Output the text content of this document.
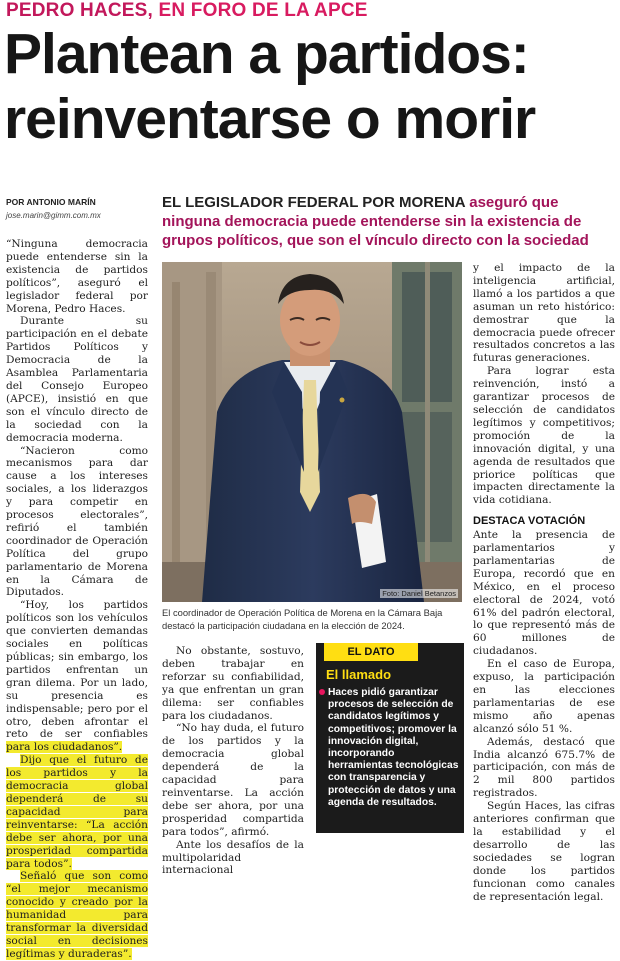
PEDRO HACES, EN FORO DE LA APCE
Plantean a partidos:
reinventarse o morir
POR ANTONIO MARÍN
jose.marin@gimm.com.mx
EL LEGISLADOR FEDERAL POR MORENA aseguró que ninguna democracia puede entenderse sin la existencia de grupos políticos, que son el vínculo directo con la sociedad

“Ninguna democracia puede entenderse sin la existencia de partidos políticos”, aseguró el legislador federal por Morena, Pedro Haces.

Durante su participación en el debate Partidos Políticos y Democracia de la Asamblea Parlamentaria del Consejo Europeo (APCE), insistió en que son el vínculo directo de la sociedad con la democracia moderna.

“Nacieron como mecanismos para dar cause a los intereses sociales, a los liderazgos y para competir en procesos electorales”, refirió el también coordinador de Operación Política del grupo parlamentario de Morena en la Cámara de Diputados.

“Hoy, los partidos políticos son los vehículos que convierten demandas sociales en políticas públicas; sin embargo, los partidos enfrentan un gran dilema. Por un lado, su presencia es indispensable; pero por el otro, deben afrontar el reto de ser confiables para los ciudadanos”.

Dijo que el futuro de los partidos y la democracia global dependerá de su capacidad para reinventarse: “La acción debe ser ahora, por una prosperidad compartida para todos”.

Señaló que son como “el mejor mecanismo conocido y creado por la humanidad para transformar la diversidad social en decisiones legítimas y duraderas”.

Foto: Daniel Betanzos
El coordinador de Operación Política de Morena en la Cámara Baja destacó la participación ciudadana en la elección de 2024.

No obstante, sostuvo, deben trabajar en reforzar su confiabilidad, ya que enfrentan un gran dilema: ser confiables para los ciudadanos.

“No hay duda, el futuro de los partidos y la democracia global dependerá de la capacidad para reinventarse. La acción debe ser ahora, por una prosperidad compartida para todos”, afirmó.

Ante los desafíos de la multipolaridad internacional

EL DATO
El llamado
Haces pidió garantizar procesos de selección de candidatos legítimos y competitivos; promover la innovación digital, incorporando herramientas tecnológicas con transparencia y protección de datos y una agenda de resultados.

y el impacto de la inteligencia artificial, llamó a los partidos a que asuman un reto histórico: demostrar que la democracia puede ofrecer resultados concretos a las futuras generaciones.

Para lograr esta reinvención, instó a garantizar procesos de selección de candidatos legítimos y competitivos; promoción de la innovación digital, y una agenda de resultados que priorice políticas que impacten directamente la vida cotidiana.

DESTACA VOTACIÓN

Ante la presencia de parlamentarios y parlamentarias de Europa, recordó que en México, en el proceso electoral de 2024, votó 61% del padrón electoral, lo que representó más de 60 millones de ciudadanos.

En el caso de Europa, expuso, la participación en las elecciones parlamentarias de ese mismo año apenas alcanzó sólo 51 %.

Además, destacó que India alcanzó 675.7% de participación, con más de 2 mil 800 partidos registrados.

Según Haces, las cifras anteriores confirman que la estabilidad y el desarrollo de las sociedades se logran donde los partidos funcionan como canales de representación legal.
